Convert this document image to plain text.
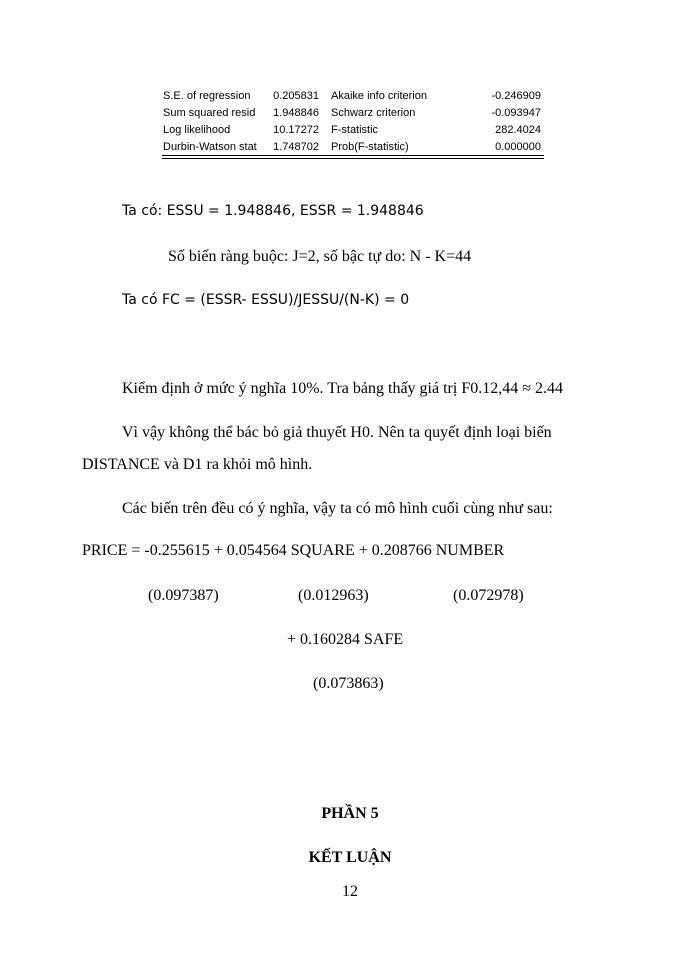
S.E. of regression 0.205831 Akaike info criterion	-0.246909
Sum squared resid 1.948846 Schwarz criterion	-0.093947
Log likelihood	10.17272 F-statistic	282.4024
Durbin-Watson stat 1.748702 Prob(F-statistic)	0.000000
Ta có: ESSU = 1.948846, ESSR = 1.948846
Số biến ràng buộc: J=2, số bậc tự do: N - K=44
Ta có FC = (ESSR- ESSU)/JESSU/(N-K) = 0
Kiểm định ở mức ý nghĩa 10%. Tra bảng thấy giá trị F0.12,44 ≈ 2.44
Vì vậy không thể bác bỏ giả thuyết H0. Nên ta quyết định loại biến
DISTANCE và D1 ra khỏi mô hình.
Các biến trên đều có ý nghĩa, vậy ta có mô hình cuối cùng như sau:
PRICE = -0.255615 + 0.054564 SQUARE + 0.208766 NUMBER
(0.097387)	(0.012963)	(0.072978)
+ 0.160284 SAFE
(0.073863)
PHẦN 5
KẾT LUẬN
12
